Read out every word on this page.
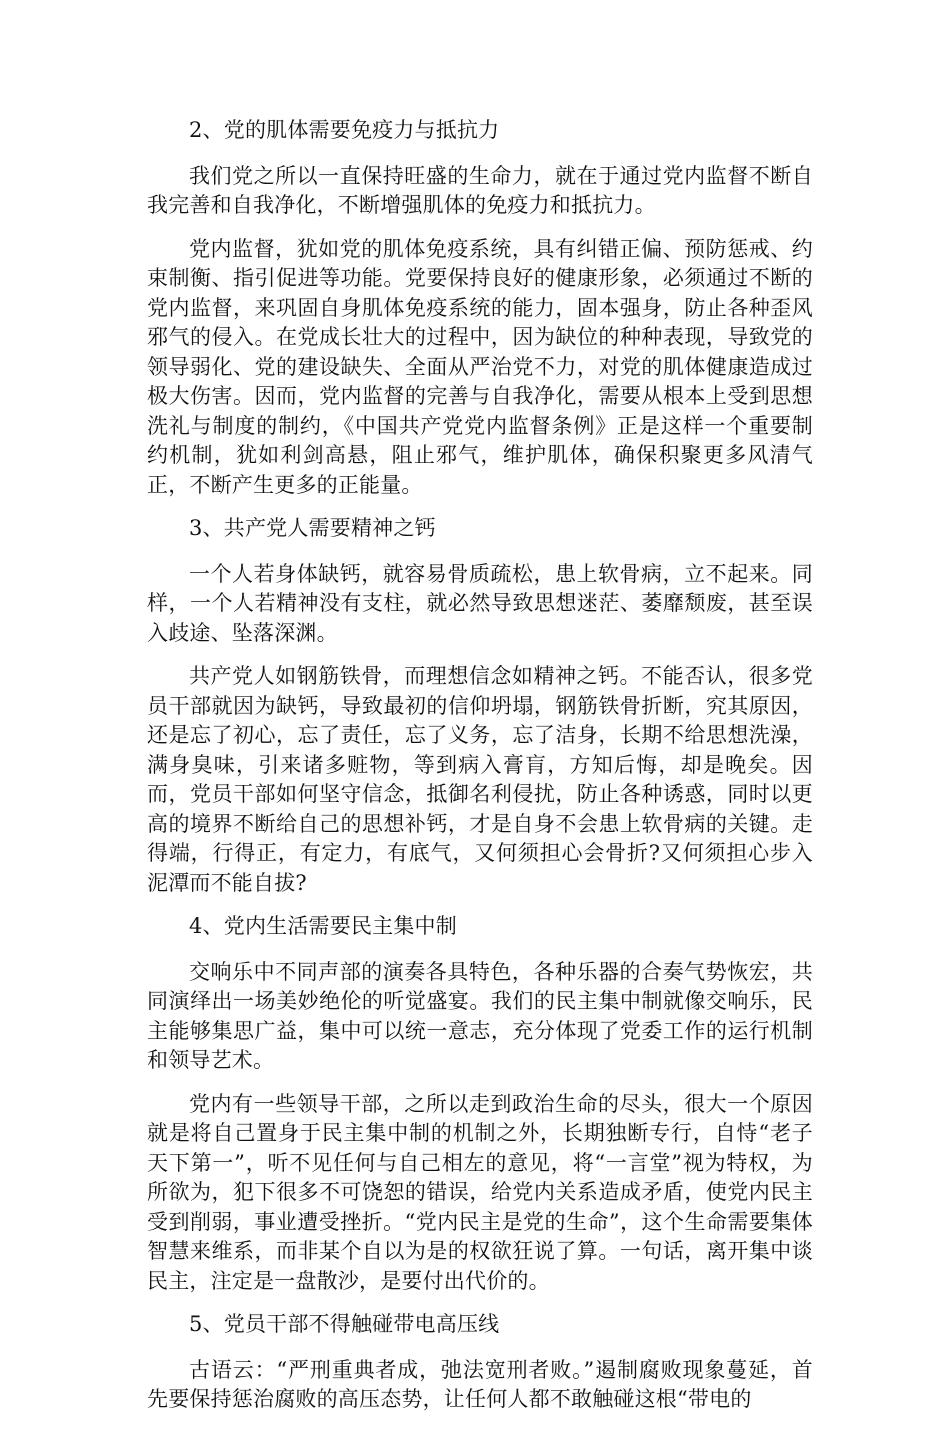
2、党的肌体需要免疫力与抵抗力

我们党之所以一直保持旺盛的生命力，就在于通过党内监督不断自我完善和自我净化，不断增强肌体的免疫力和抵抗力。

党内监督，犹如党的肌体免疫系统，具有纠错正偏、预防惩戒、约束制衡、指引促进等功能。党要保持良好的健康形象，必须通过不断的党内监督，来巩固自身肌体免疫系统的能力，固本强身，防止各种歪风邪气的侵入。在党成长壮大的过程中，因为缺位的种种表现，导致党的领导弱化、党的建设缺失、全面从严治党不力，对党的肌体健康造成过极大伤害。因而，党内监督的完善与自我净化，需要从根本上受到思想洗礼与制度的制约，《中国共产党党内监督条例》正是这样一个重要制约机制，犹如利剑高悬，阻止邪气，维护肌体，确保积聚更多风清气正，不断产生更多的正能量。

3、共产党人需要精神之钙

一个人若身体缺钙，就容易骨质疏松，患上软骨病，立不起来。同样，一个人若精神没有支柱，就必然导致思想迷茫、萎靡颓废，甚至误入歧途、坠落深渊。

共产党人如钢筋铁骨，而理想信念如精神之钙。不能否认，很多党员干部就因为缺钙，导致最初的信仰坍塌，钢筋铁骨折断，究其原因，还是忘了初心，忘了责任，忘了义务，忘了洁身，长期不给思想洗澡，满身臭味，引来诸多赃物，等到病入膏肓，方知后悔，却是晚矣。因而，党员干部如何坚守信念，抵御名利侵扰，防止各种诱惑，同时以更高的境界不断给自己的思想补钙，才是自身不会患上软骨病的关键。走得端，行得正，有定力，有底气，又何须担心会骨折?又何须担心步入泥潭而不能自拔?

4、党内生活需要民主集中制

交响乐中不同声部的演奏各具特色，各种乐器的合奏气势恢宏，共同演绎出一场美妙绝伦的听觉盛宴。我们的民主集中制就像交响乐，民主能够集思广益，集中可以统一意志，充分体现了党委工作的运行机制和领导艺术。

党内有一些领导干部，之所以走到政治生命的尽头，很大一个原因就是将自己置身于民主集中制的机制之外，长期独断专行，自恃“老子天下第一”，听不见任何与自己相左的意见，将“一言堂”视为特权，为所欲为，犯下很多不可饶恕的错误，给党内关系造成矛盾，使党内民主受到削弱，事业遭受挫折。“党内民主是党的生命”，这个生命需要集体智慧来维系，而非某个自以为是的权欲狂说了算。一句话，离开集中谈民主，注定是一盘散沙，是要付出代价的。

5、党员干部不得触碰带电高压线

古语云：“严刑重典者成，弛法宽刑者败。”遏制腐败现象蔓延，首先要保持惩治腐败的高压态势，让任何人都不敢触碰这根“带电的
